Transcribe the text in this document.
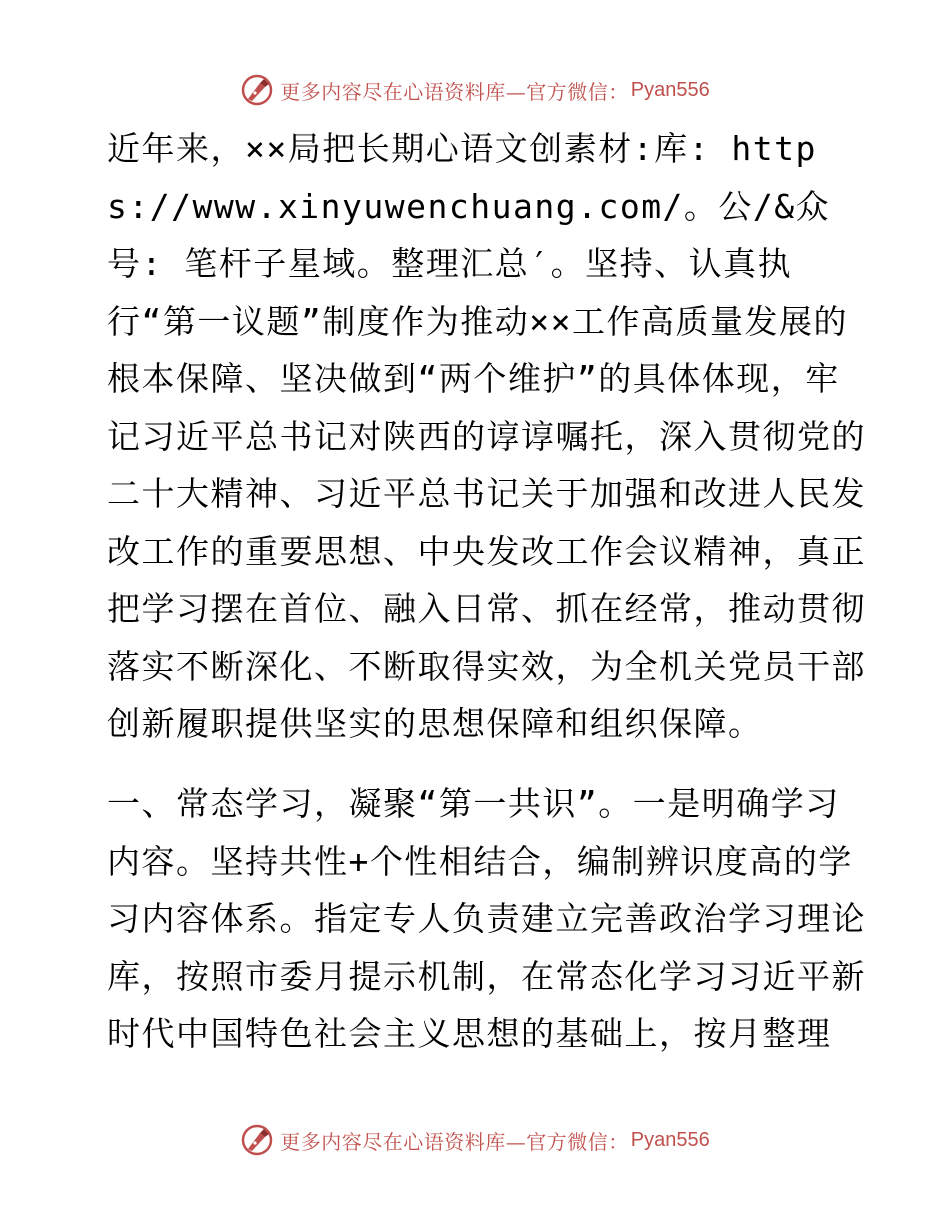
更多内容尽在心语资料库—官方微信： Pyan556

近年来，××局把长期心语文创素材:库: https://www.xinyuwenchuang.com/。公/&众号: 笔杆子星域。整理汇总′。坚持、认真执行“第一议题”制度作为推动××工作高质量发展的根本保障、坚决做到“两个维护”的具体体现，牢记习近平总书记对陕西的谆谆嘱托，深入贯彻党的二十大精神、习近平总书记关于加强和改进人民发改工作的重要思想、中央发改工作会议精神，真正把学习摆在首位、融入日常、抓在经常，推动贯彻落实不断深化、不断取得实效，为全机关党员干部创新履职提供坚实的思想保障和组织保障。

一、常态学习，凝聚“第一共识”。一是明确学习内容。坚持共性+个性相结合，编制辨识度高的学习内容体系。指定专人负责建立完善政治学习理论库，按照市委月提示机制，在常态化学习习近平新时代中国特色社会主义思想的基础上，按月整理

更多内容尽在心语资料库—官方微信： Pyan556
